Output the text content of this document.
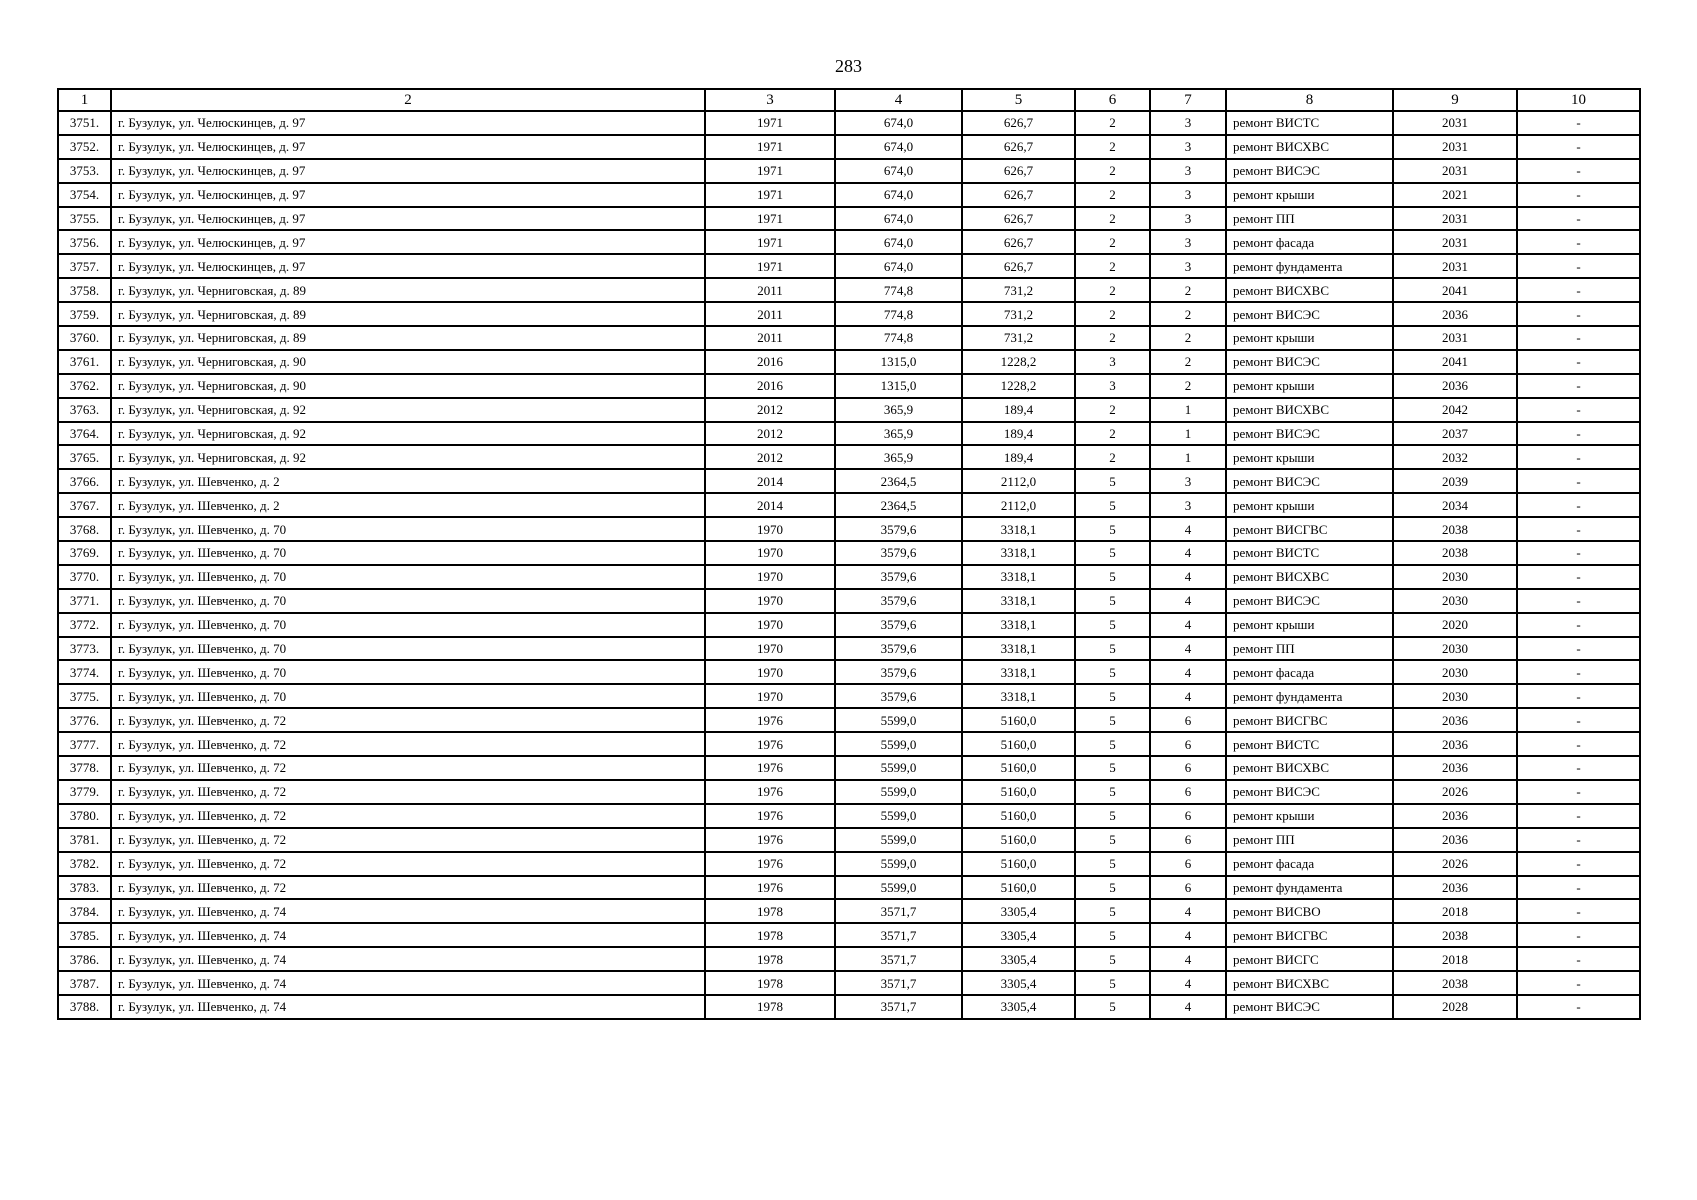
283
1	2	3	4	5	6	7	8	9	10
3751.	г. Бузулук, ул. Челюскинцев, д. 97	1971	674,0	626,7	2	3	ремонт ВИСТС	2031	-
3752.	г. Бузулук, ул. Челюскинцев, д. 97	1971	674,0	626,7	2	3	ремонт ВИСХВС	2031	-
3753.	г. Бузулук, ул. Челюскинцев, д. 97	1971	674,0	626,7	2	3	ремонт ВИСЭС	2031	-
3754.	г. Бузулук, ул. Челюскинцев, д. 97	1971	674,0	626,7	2	3	ремонт крыши	2021	-
3755.	г. Бузулук, ул. Челюскинцев, д. 97	1971	674,0	626,7	2	3	ремонт ПП	2031	-
3756.	г. Бузулук, ул. Челюскинцев, д. 97	1971	674,0	626,7	2	3	ремонт фасада	2031	-
3757.	г. Бузулук, ул. Челюскинцев, д. 97	1971	674,0	626,7	2	3	ремонт фундамента	2031	-
3758.	г. Бузулук, ул. Черниговская, д. 89	2011	774,8	731,2	2	2	ремонт ВИСХВС	2041	-
3759.	г. Бузулук, ул. Черниговская, д. 89	2011	774,8	731,2	2	2	ремонт ВИСЭС	2036	-
3760.	г. Бузулук, ул. Черниговская, д. 89	2011	774,8	731,2	2	2	ремонт крыши	2031	-
3761.	г. Бузулук, ул. Черниговская, д. 90	2016	1315,0	1228,2	3	2	ремонт ВИСЭС	2041	-
3762.	г. Бузулук, ул. Черниговская, д. 90	2016	1315,0	1228,2	3	2	ремонт крыши	2036	-
3763.	г. Бузулук, ул. Черниговская, д. 92	2012	365,9	189,4	2	1	ремонт ВИСХВС	2042	-
3764.	г. Бузулук, ул. Черниговская, д. 92	2012	365,9	189,4	2	1	ремонт ВИСЭС	2037	-
3765.	г. Бузулук, ул. Черниговская, д. 92	2012	365,9	189,4	2	1	ремонт крыши	2032	-
3766.	г. Бузулук, ул. Шевченко, д. 2	2014	2364,5	2112,0	5	3	ремонт ВИСЭС	2039	-
3767.	г. Бузулук, ул. Шевченко, д. 2	2014	2364,5	2112,0	5	3	ремонт крыши	2034	-
3768.	г. Бузулук, ул. Шевченко, д. 70	1970	3579,6	3318,1	5	4	ремонт ВИСГВС	2038	-
3769.	г. Бузулук, ул. Шевченко, д. 70	1970	3579,6	3318,1	5	4	ремонт ВИСТС	2038	-
3770.	г. Бузулук, ул. Шевченко, д. 70	1970	3579,6	3318,1	5	4	ремонт ВИСХВС	2030	-
3771.	г. Бузулук, ул. Шевченко, д. 70	1970	3579,6	3318,1	5	4	ремонт ВИСЭС	2030	-
3772.	г. Бузулук, ул. Шевченко, д. 70	1970	3579,6	3318,1	5	4	ремонт крыши	2020	-
3773.	г. Бузулук, ул. Шевченко, д. 70	1970	3579,6	3318,1	5	4	ремонт ПП	2030	-
3774.	г. Бузулук, ул. Шевченко, д. 70	1970	3579,6	3318,1	5	4	ремонт фасада	2030	-
3775.	г. Бузулук, ул. Шевченко, д. 70	1970	3579,6	3318,1	5	4	ремонт фундамента	2030	-
3776.	г. Бузулук, ул. Шевченко, д. 72	1976	5599,0	5160,0	5	6	ремонт ВИСГВС	2036	-
3777.	г. Бузулук, ул. Шевченко, д. 72	1976	5599,0	5160,0	5	6	ремонт ВИСТС	2036	-
3778.	г. Бузулук, ул. Шевченко, д. 72	1976	5599,0	5160,0	5	6	ремонт ВИСХВС	2036	-
3779.	г. Бузулук, ул. Шевченко, д. 72	1976	5599,0	5160,0	5	6	ремонт ВИСЭС	2026	-
3780.	г. Бузулук, ул. Шевченко, д. 72	1976	5599,0	5160,0	5	6	ремонт крыши	2036	-
3781.	г. Бузулук, ул. Шевченко, д. 72	1976	5599,0	5160,0	5	6	ремонт ПП	2036	-
3782.	г. Бузулук, ул. Шевченко, д. 72	1976	5599,0	5160,0	5	6	ремонт фасада	2026	-
3783.	г. Бузулук, ул. Шевченко, д. 72	1976	5599,0	5160,0	5	6	ремонт фундамента	2036	-
3784.	г. Бузулук, ул. Шевченко, д. 74	1978	3571,7	3305,4	5	4	ремонт ВИСВО	2018	-
3785.	г. Бузулук, ул. Шевченко, д. 74	1978	3571,7	3305,4	5	4	ремонт ВИСГВС	2038	-
3786.	г. Бузулук, ул. Шевченко, д. 74	1978	3571,7	3305,4	5	4	ремонт ВИСГС	2018	-
3787.	г. Бузулук, ул. Шевченко, д. 74	1978	3571,7	3305,4	5	4	ремонт ВИСХВС	2038	-
3788.	г. Бузулук, ул. Шевченко, д. 74	1978	3571,7	3305,4	5	4	ремонт ВИСЭС	2028	-
